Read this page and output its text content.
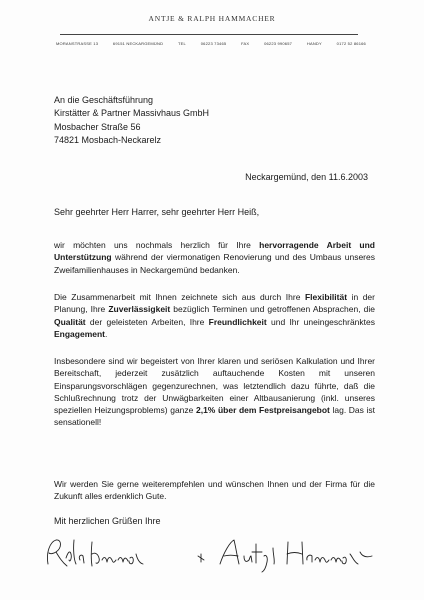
ANTJE & RALPH HAMMACHER
MORANSTRASSE 13	69151 NECKARGEMÜND	TEL	06223 73465	FAX	06223 990657	HANDY	0172 52 86166
An die Geschäftsführung
Kirstätter & Partner Massivhaus GmbH
Mosbacher Straße 56
74821 Mosbach-Neckarelz
Neckargemünd, den 11.6.2003
Sehr geehrter Herr Harrer, sehr geehrter Herr Heiß,
wir möchten uns nochmals herzlich für Ihre hervorragende Arbeit und Unterstützung während der viermonatigen Renovierung und des Umbaus unseres Zweifamilienhauses in Neckargemünd bedanken.
Die Zusammenarbeit mit Ihnen zeichnete sich aus durch Ihre Flexibilität in der Planung, Ihre Zuverlässigkeit bezüglich Terminen und getroffenen Absprachen, die Qualität der geleisteten Arbeiten, Ihre Freundlichkeit und Ihr uneingeschränktes Engagement.
Insbesondere sind wir begeistert von Ihrer klaren und seriösen Kalkulation und Ihrer Bereitschaft, jederzeit zusätzlich auftauchende Kosten mit unseren Einsparungsvorschlägen gegenzurechnen, was letztendlich dazu führte, daß die Schlußrechnung trotz der Unwägbarkeiten einer Altbausanierung (inkl. unseres speziellen Heizungsproblems) ganze 2,1% über dem Festpreisangebot lag. Das ist sensationell!
Wir werden Sie gerne weiterempfehlen und wünschen Ihnen und der Firma für die Zukunft alles erdenklich Gute.
Mit herzlichen Grüßen Ihre
